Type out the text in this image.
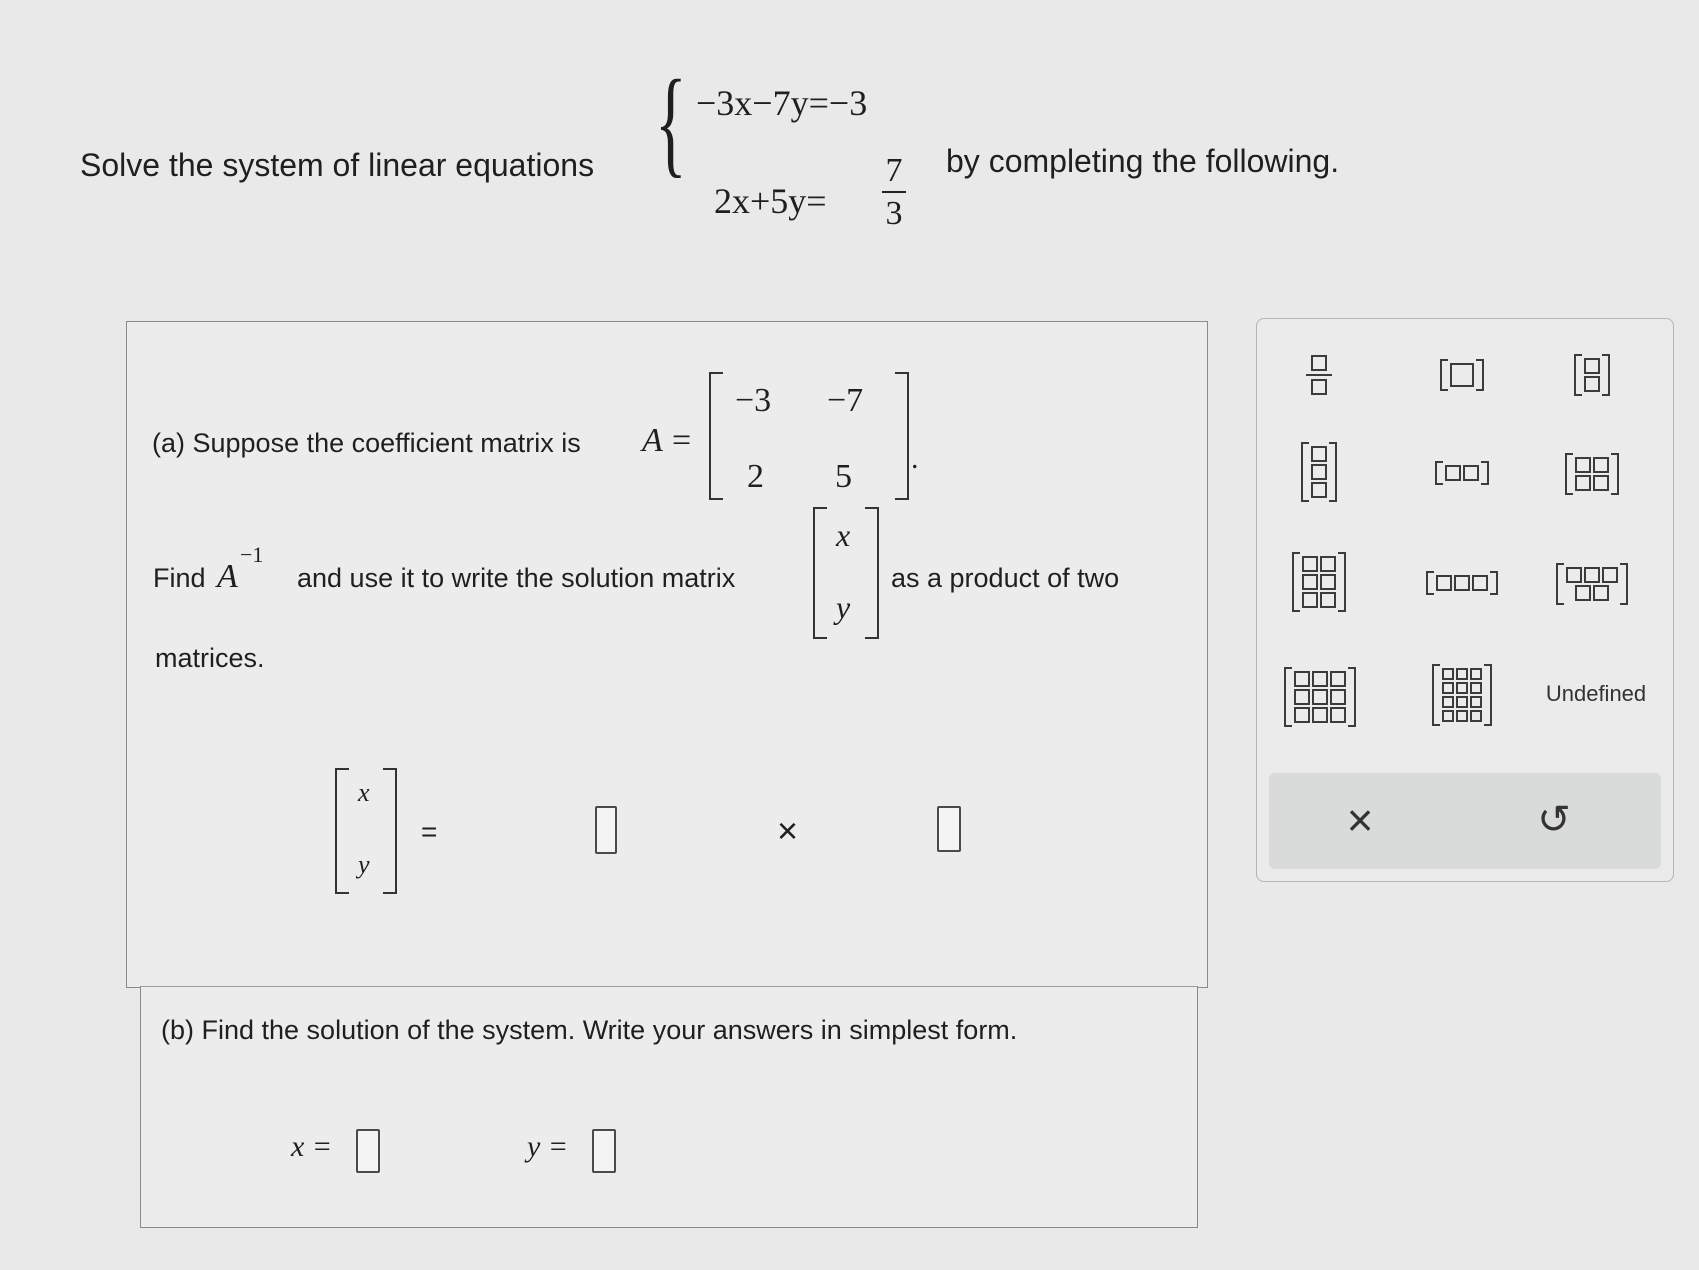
Solve the system of linear equations { −3x−7y=−3
2x+5y=
7
3
by completing the following.
(a) Suppose the coefficient matrix is A =
−3 −7
2 5 .
Find A
−1
and use it to write the solution matrix
x
y
as a product of two
matrices.
x
y
=	×
(b) Find the solution of the system. Write your answers in simplest form.
x =	y =
Undefined
×	↺
